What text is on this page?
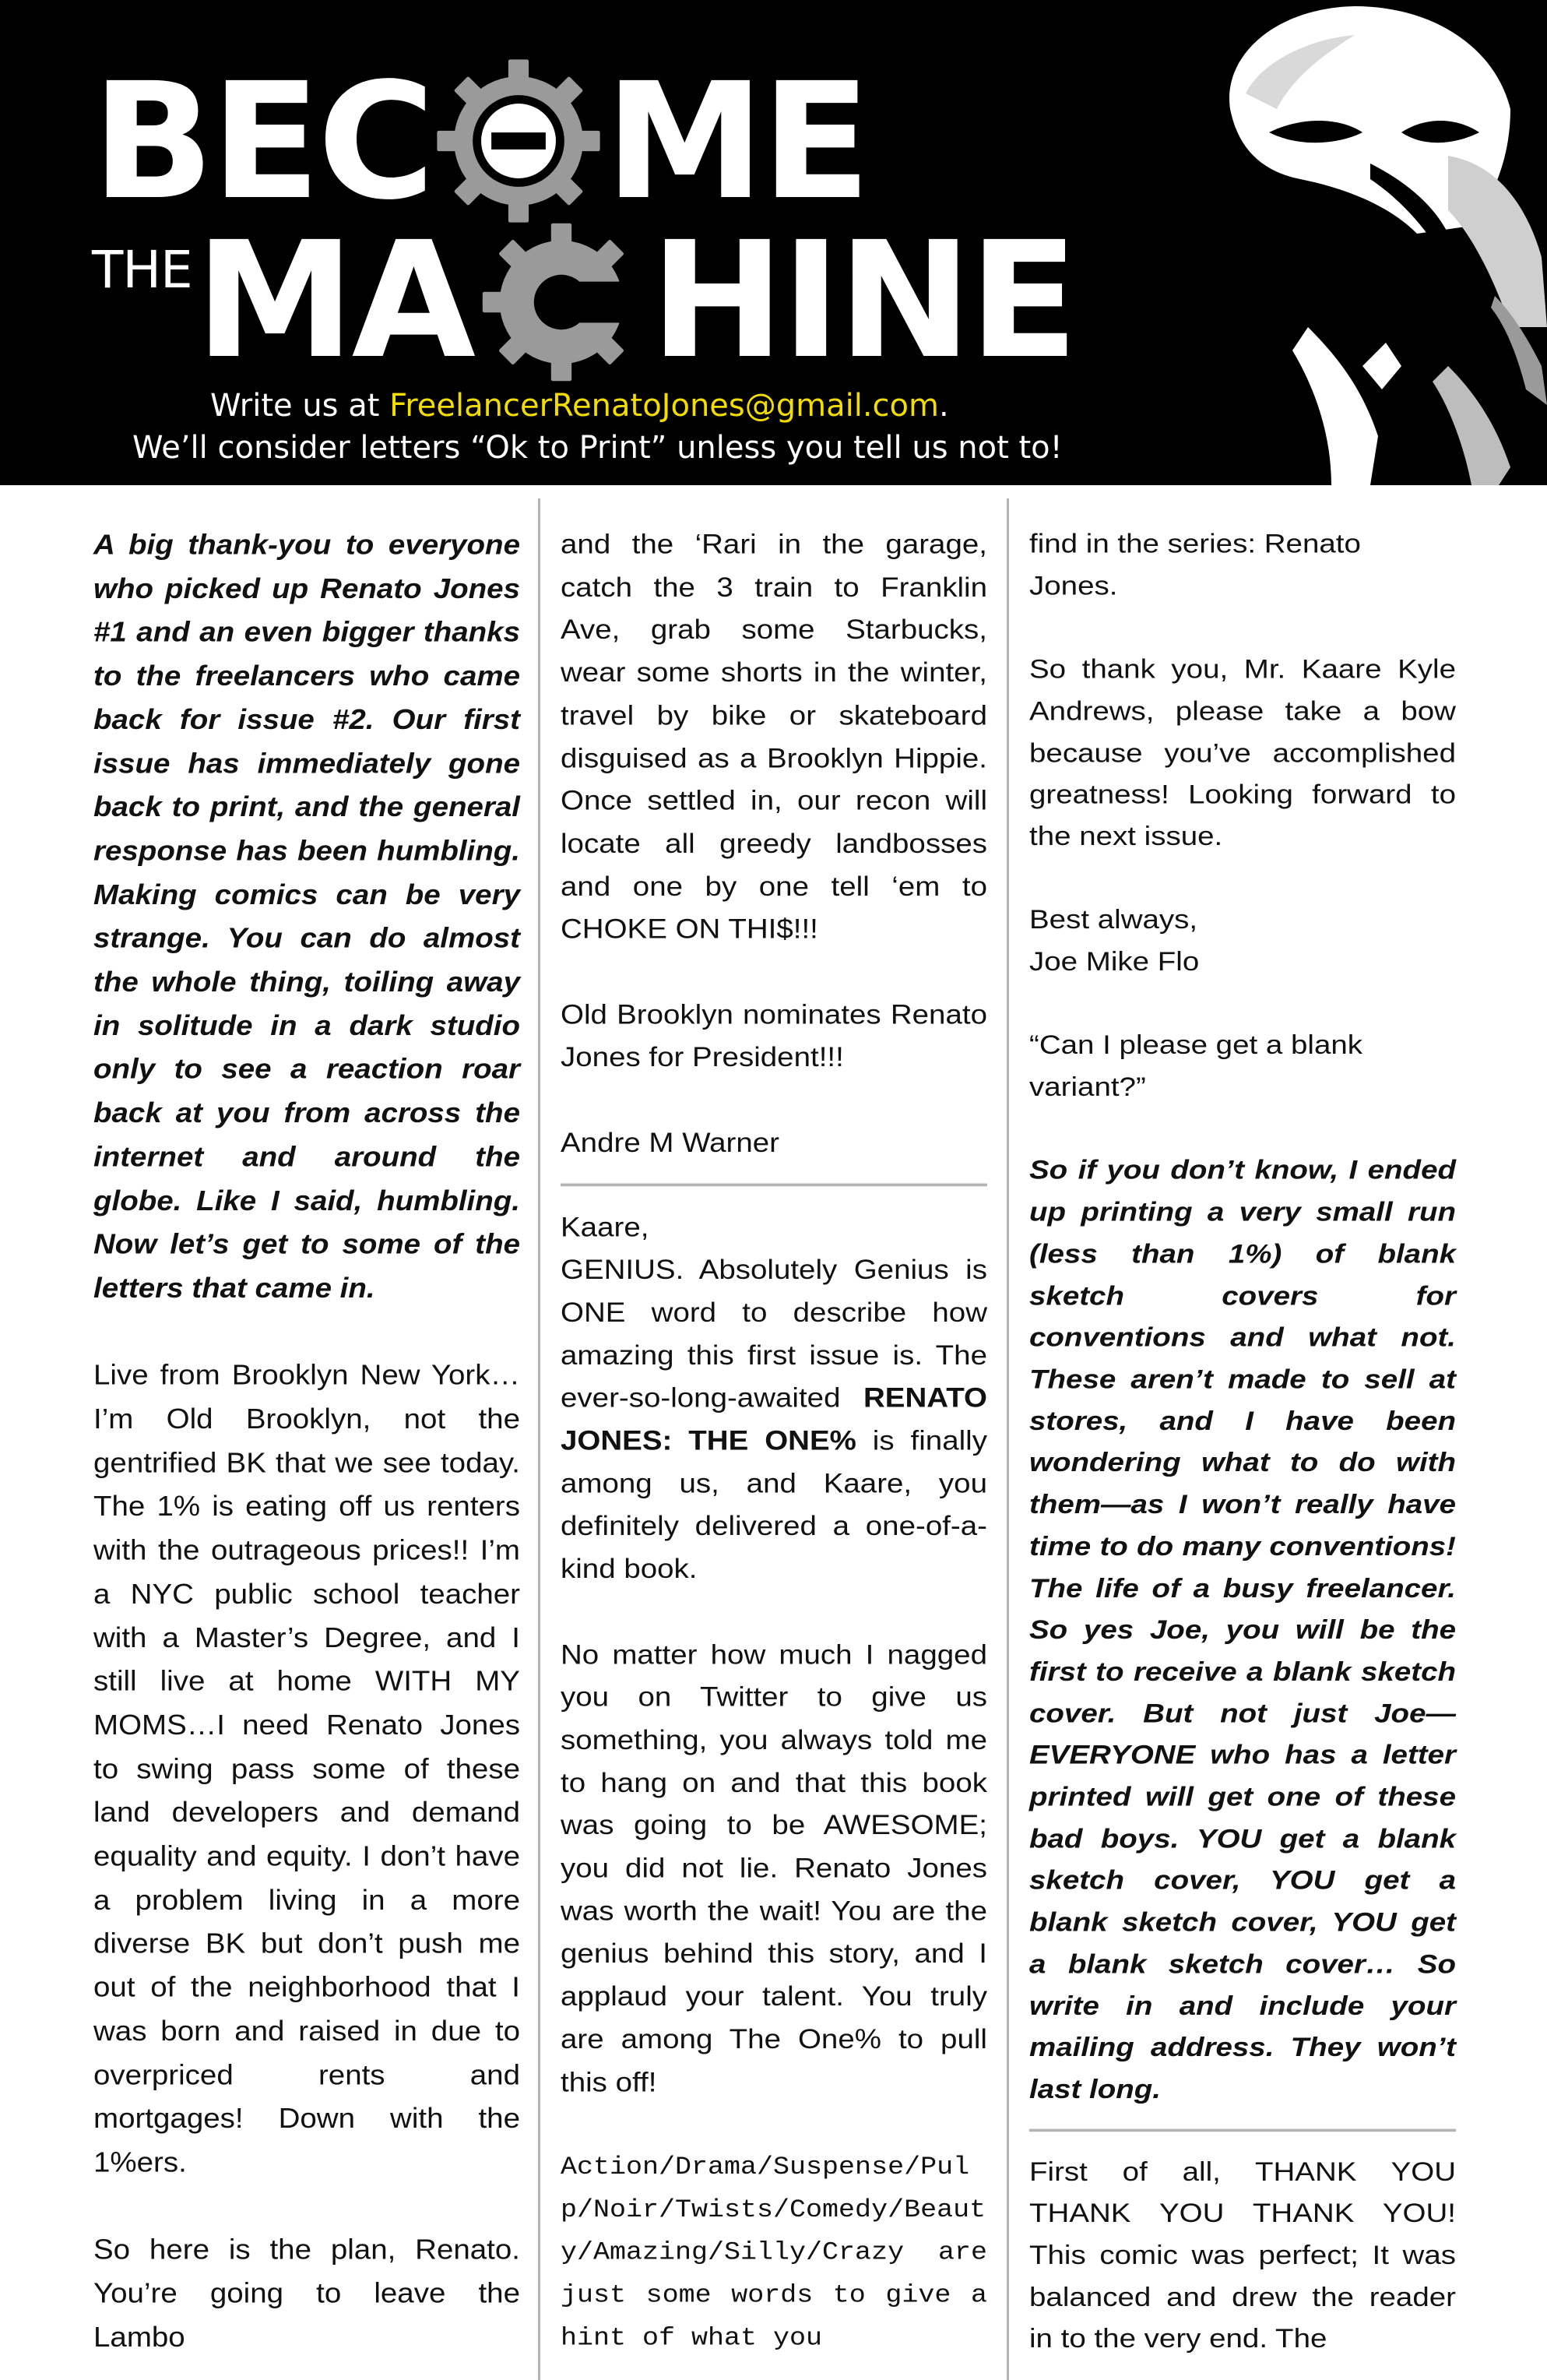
BEC ME
THE MA HINE
Write us at FreelancerRenatoJones@gmail.com.
We’ll consider letters “Ok to Print” unless you tell us not to!

A big thank-you to everyone who picked up Renato Jones #1 and an even bigger thanks to the freelancers who came back for issue #2. Our first issue has immediately gone back to print, and the general response has been humbling. Making comics can be very strange. You can do almost the whole thing, toiling away in solitude in a dark studio only to see a reaction roar back at you from across the internet and around the globe. Like I said, humbling. Now let’s get to some of the letters that came in.

Live from Brooklyn New York… I’m Old Brooklyn, not the gentrified BK that we see today. The 1% is eating off us renters with the outrageous prices!! I’m a NYC public school teacher with a Master’s Degree, and I still live at home WITH MY MOMS…I need Renato Jones to swing pass some of these land developers and demand equality and equity. I don’t have a problem living in a more diverse BK but don’t push me out of the neighborhood that I was born and raised in due to overpriced rents and mortgages! Down with the 1%ers.

So here is the plan, Renato. You’re going to leave the Lambo

and the ‘Rari in the garage, catch the 3 train to Franklin Ave, grab some Starbucks, wear some shorts in the winter, travel by bike or skateboard disguised as a Brooklyn Hippie. Once settled in, our recon will locate all greedy landbosses and one by one tell ‘em to CHOKE ON THI$!!!

Old Brooklyn nominates Renato Jones for President!!!

Andre M Warner

Kaare,

GENIUS. Absolutely Genius is ONE word to describe how amazing this first issue is. The ever-so-long-awaited RENATO JONES: THE ONE% is finally among us, and Kaare, you definitely delivered a one-of-a-kind book.

No matter how much I nagged you on Twitter to give us something, you always told me to hang on and that this book was going to be AWESOME; you did not lie. Renato Jones was worth the wait! You are the genius behind this story, and I applaud your talent. You truly are among The One% to pull this off!

Action/Drama/Suspense/Pulp/Noir/Twists/Comedy/Beauty/Amazing/Silly/Crazy are just some words to give a hint of what you

find in the series: Renato Jones.

So thank you, Mr. Kaare Kyle Andrews, please take a bow because you’ve accomplished greatness! Looking forward to the next issue.

Best always,

Joe Mike Flo

“Can I please get a blank variant?”

So if you don’t know, I ended up printing a very small run (less than 1%) of blank sketch covers for conventions and what not. These aren’t made to sell at stores, and I have been wondering what to do with them—as I won’t really have time to do many conventions! The life of a busy freelancer. So yes Joe, you will be the first to receive a blank sketch cover. But not just Joe— EVERYONE who has a letter printed will get one of these bad boys. YOU get a blank sketch cover, YOU get a blank sketch cover, YOU get a blank sketch cover… So write in and include your mailing address. They won’t last long.

First of all, THANK YOU THANK YOU THANK YOU! This comic was perfect; It was balanced and drew the reader in to the very end. The
